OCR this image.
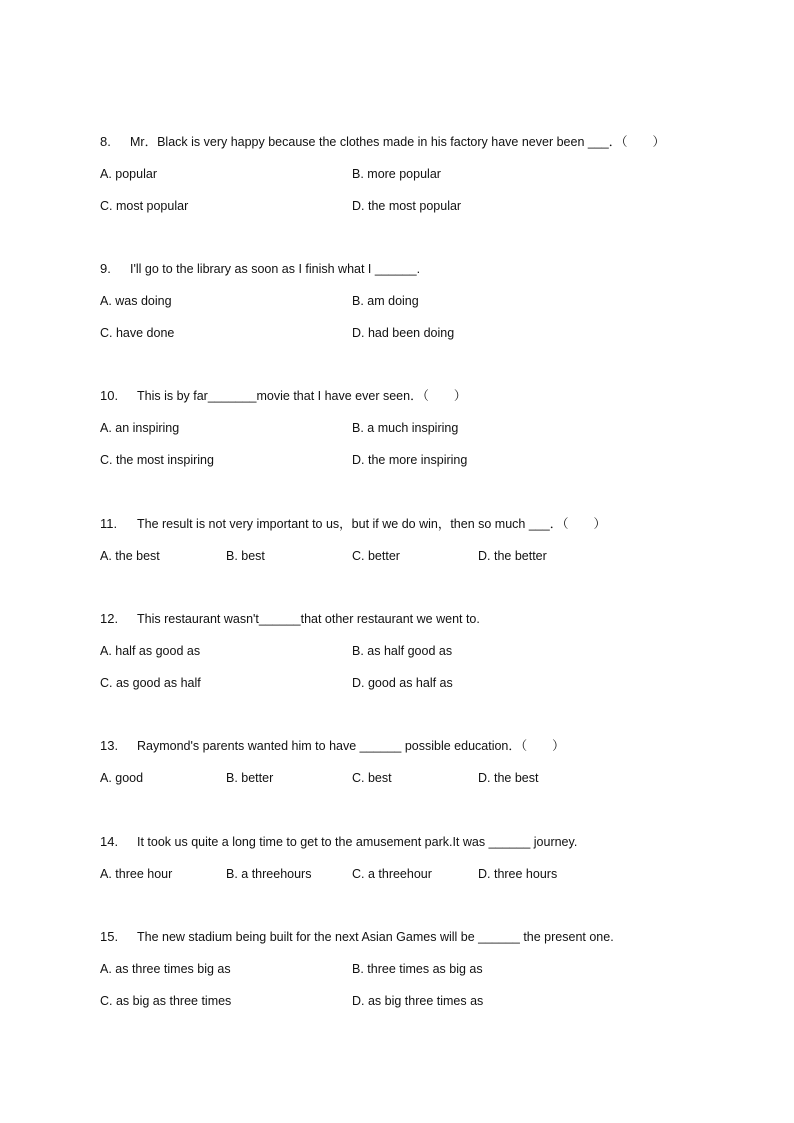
8. Mr．Black is very happy because the clothes made in his factory have never been ___．（　　）
A. popular	B. more popular
C. most popular	D. the most popular
9. I'll go to the library as soon as I finish what I ______.
A. was doing	B. am doing
C. have done	D. had been doing
10. This is by far_______movie that I have ever seen．（　　）
A. an inspiring	B. a much inspiring
C. the most inspiring	D. the more inspiring
11. The result is not very important to us，but if we do win，then so much ___．（　　）
A. the best	B. best	C. better	D. the better
12. This restaurant wasn't______that other restaurant we went to.
A. half as good as	B. as half good as
C. as good as half	D. good as half as
13. Raymond's parents wanted him to have ______ possible education．（　　）
A. good	B. better	C. best	D. the best
14. It took us quite a long time to get to the amusement park.It was ______ journey.
A. three hour	B. a threehours	C. a threehour	D. three hours
15. The new stadium being built for the next Asian Games will be ______ the present one.
A. as three times big as	B. three times as big as
C. as big as three times	D. as big three times as
